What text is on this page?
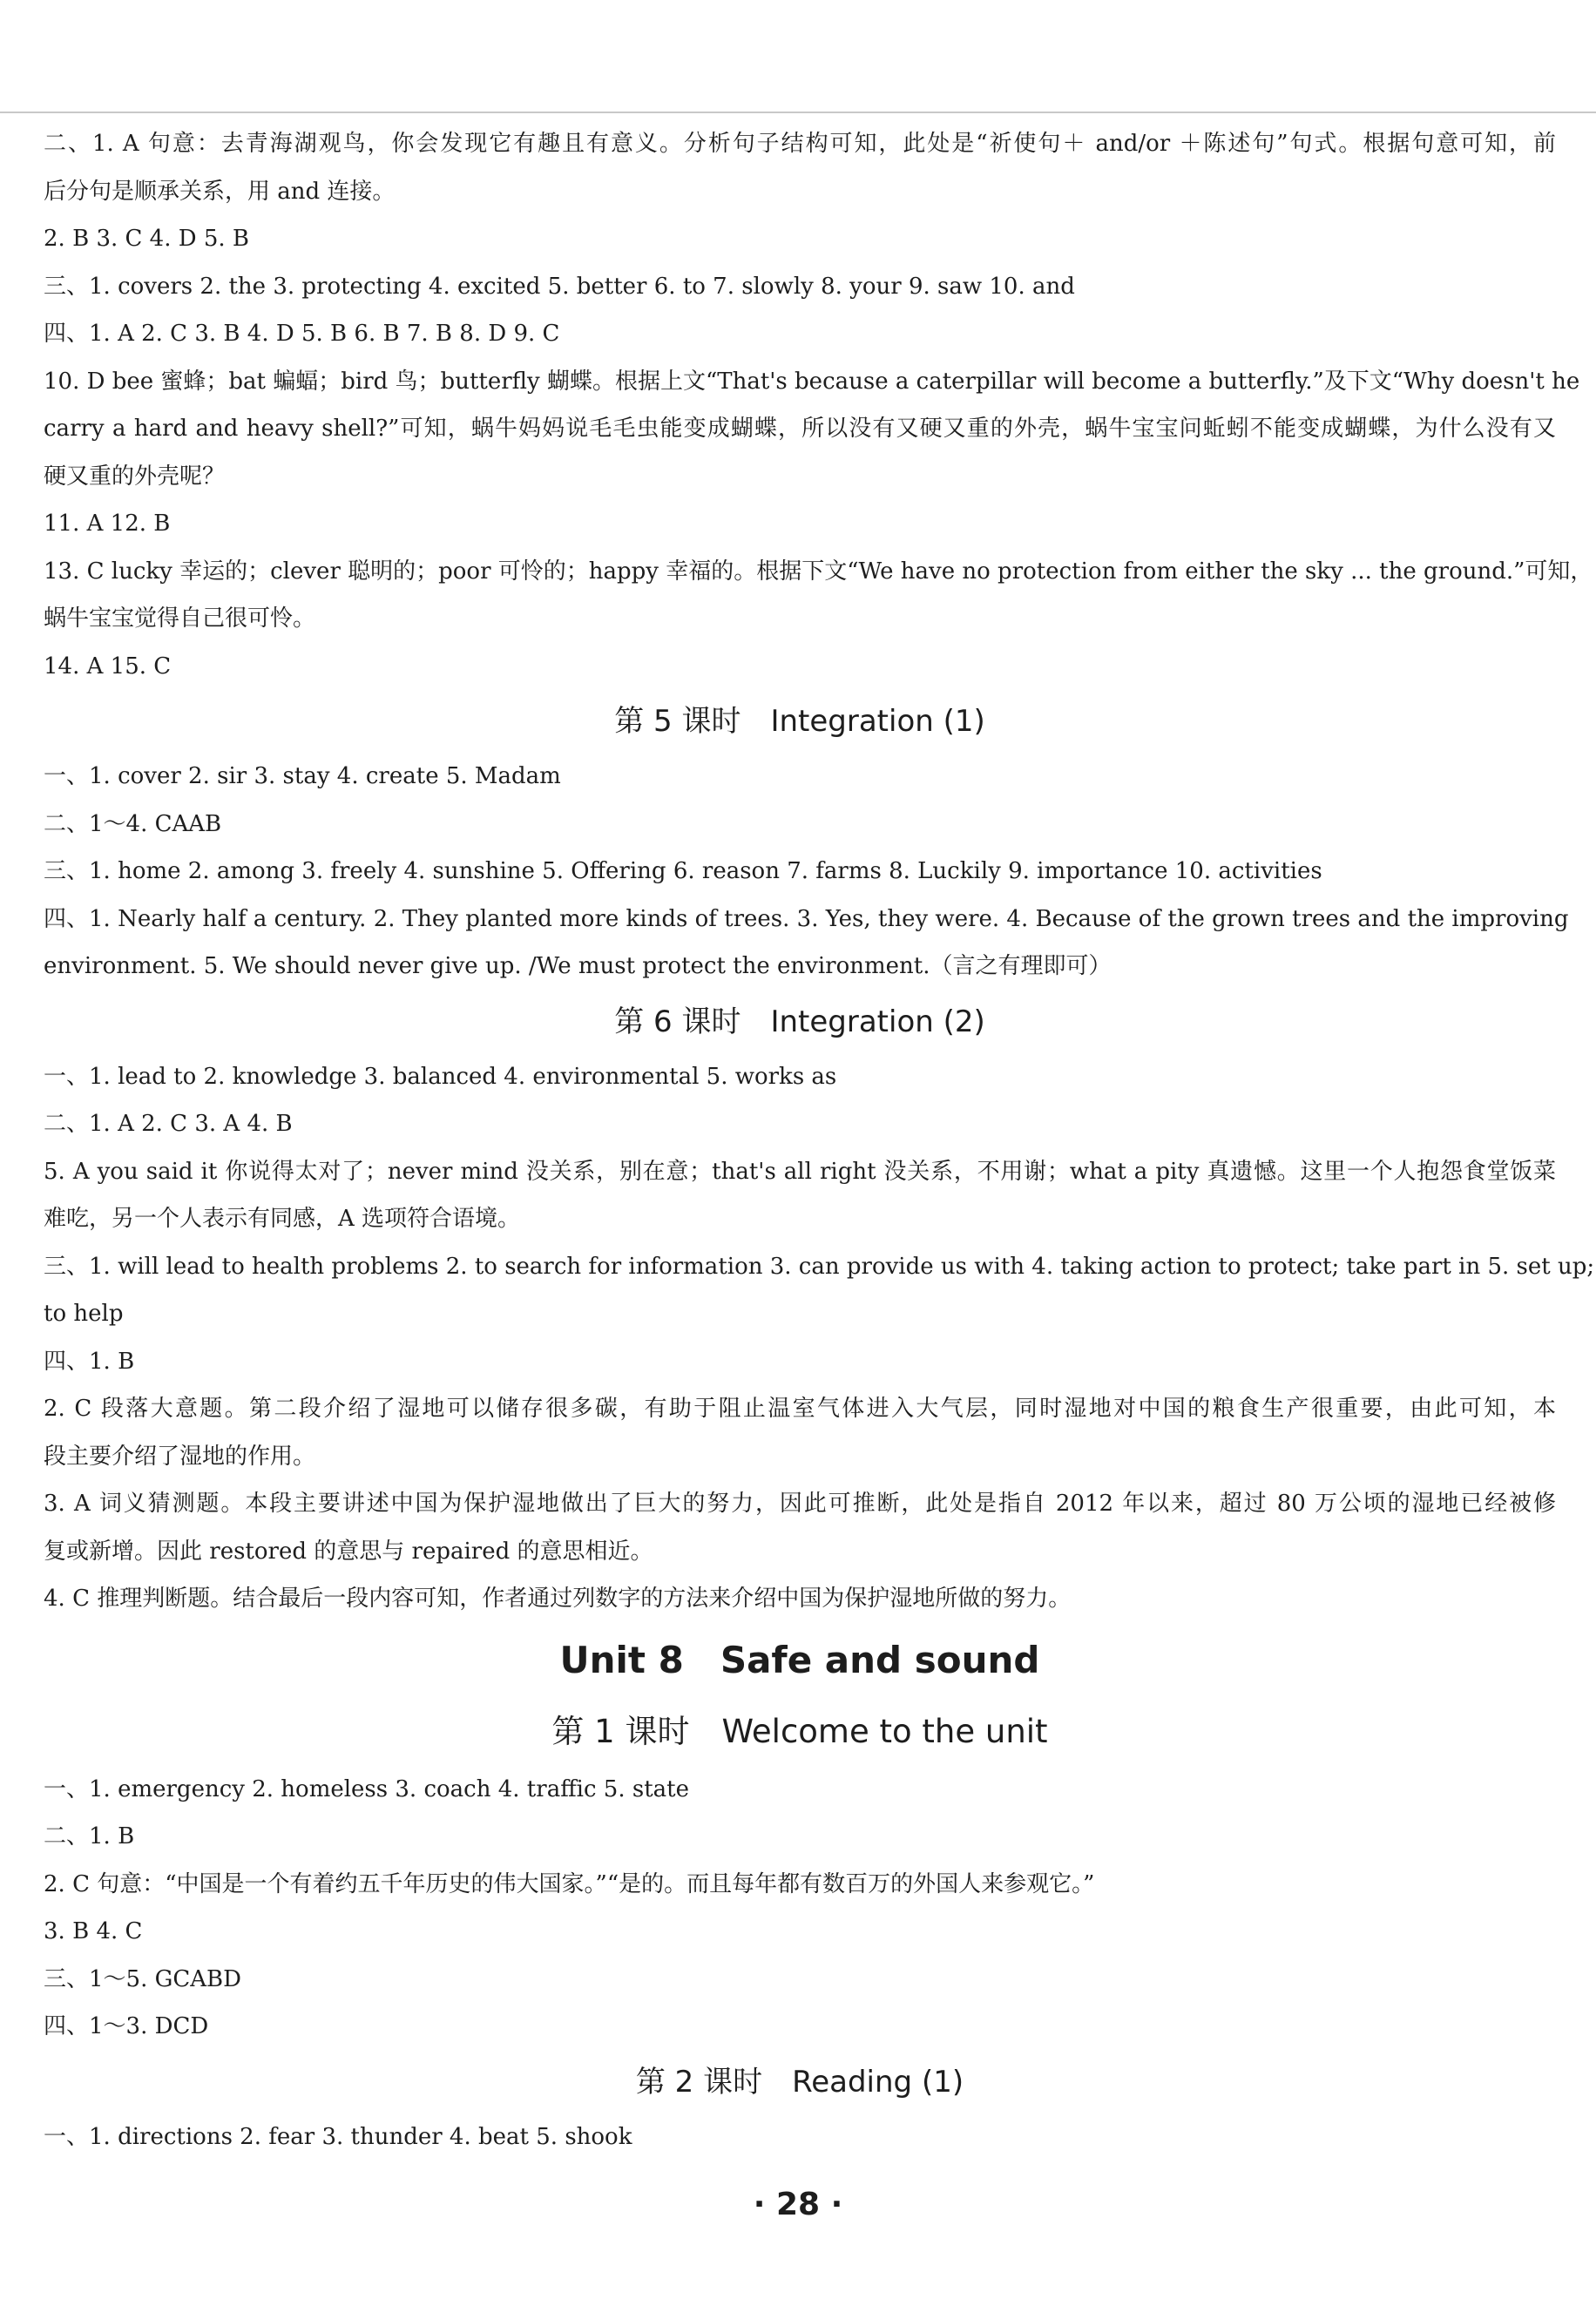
二、1. A 句意：去青海湖观鸟，你会发现它有趣且有意义。分析句子结构可知，此处是“祈使句＋ and/or ＋陈述句”句式。根据句意可知，前
后分句是顺承关系，用 and 连接。
2. B 3. C 4. D 5. B
三、1. covers 2. the 3. protecting 4. excited 5. better 6. to 7. slowly 8. your 9. saw 10. and
四、1. A 2. C 3. B 4. D 5. B 6. B 7. B 8. D 9. C
10. D bee 蜜蜂；bat 蝙蝠；bird 鸟；butterfly 蝴蝶。根据上文“That's because a caterpillar will become a butterfly.”及下文“Why doesn't he
carry a hard and heavy shell?”可知，蜗牛妈妈说毛毛虫能变成蝴蝶，所以没有又硬又重的外壳，蜗牛宝宝问蚯蚓不能变成蝴蝶，为什么没有又
硬又重的外壳呢？
11. A 12. B
13. C lucky 幸运的；clever 聪明的；poor 可怜的；happy 幸福的。根据下文“We have no protection from either the sky ... the ground.”可知，
蜗牛宝宝觉得自己很可怜。
14. A 15. C
第 5 课时　Integration (1)
一、1. cover 2. sir 3. stay 4. create 5. Madam
二、1～4. CAAB
三、1. home 2. among 3. freely 4. sunshine 5. Offering 6. reason 7. farms 8. Luckily 9. importance 10. activities
四、1. Nearly half a century. 2. They planted more kinds of trees. 3. Yes, they were. 4. Because of the grown trees and the improving
environment. 5. We should never give up. /We must protect the environment.（言之有理即可）
第 6 课时　Integration (2)
一、1. lead to 2. knowledge 3. balanced 4. environmental 5. works as
二、1. A 2. C 3. A 4. B
5. A you said it 你说得太对了；never mind 没关系，别在意；that's all right 没关系，不用谢；what a pity 真遗憾。这里一个人抱怨食堂饭菜
难吃，另一个人表示有同感，A 选项符合语境。
三、1. will lead to health problems 2. to search for information 3. can provide us with 4. taking action to protect; take part in 5. set up;
to help
四、1. B
2. C 段落大意题。第二段介绍了湿地可以储存很多碳，有助于阻止温室气体进入大气层，同时湿地对中国的粮食生产很重要，由此可知，本
段主要介绍了湿地的作用。
3. A 词义猜测题。本段主要讲述中国为保护湿地做出了巨大的努力，因此可推断，此处是指自 2012 年以来，超过 80 万公顷的湿地已经被修
复或新增。因此 restored 的意思与 repaired 的意思相近。
4. C 推理判断题。结合最后一段内容可知，作者通过列数字的方法来介绍中国为保护湿地所做的努力。
Unit 8　Safe and sound
第 1 课时　Welcome to the unit
一、1. emergency 2. homeless 3. coach 4. traffic 5. state
二、1. B
2. C 句意：“中国是一个有着约五千年历史的伟大国家。”“是的。而且每年都有数百万的外国人来参观它。”
3. B 4. C
三、1～5. GCABD
四、1～3. DCD
第 2 课时　Reading (1)
一、1. directions 2. fear 3. thunder 4. beat 5. shook
· 28 ·
